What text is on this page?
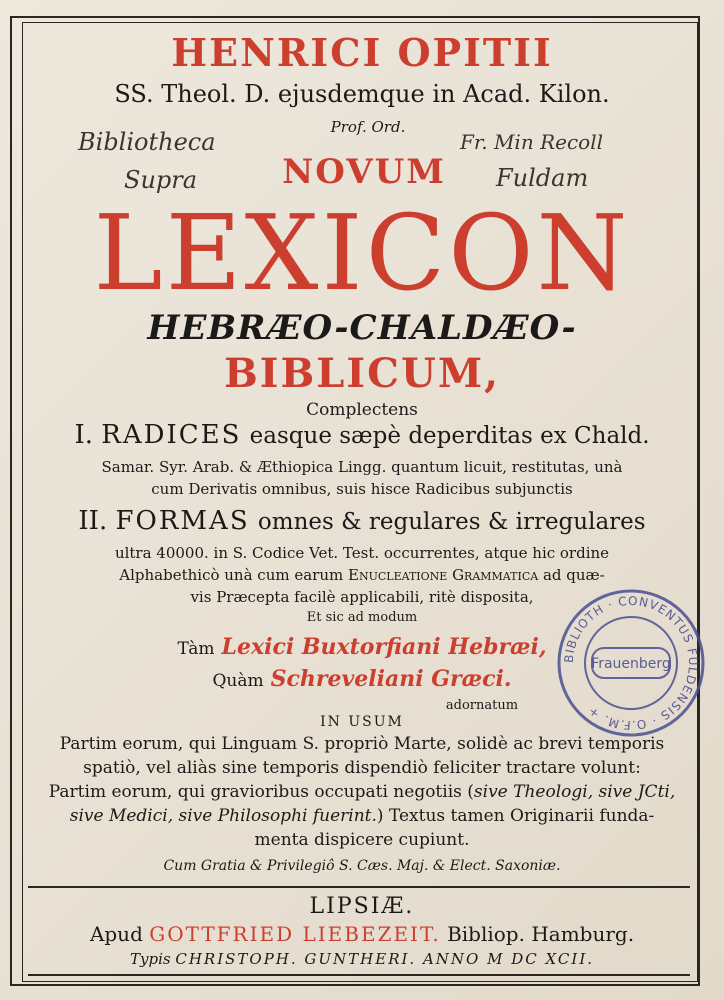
HENRICI OPITII
SS. Theol. D. ejusdemque in Acad. Kilon.
Prof. Ord.
Bibliotheca
Supra
Fr. Min Recoll
Fuldam
NOVUM
LEXICON
HEBRÆO-CHALDÆO-
BIBLICUM,
Complectens
I. RADICES easque sæpè deperditas ex Chald.
Samar. Syr. Arab. & Æthiopica Lingg. quantum licuit, restitutas, unà
cum Derivatis omnibus, suis hisce Radicibus subjunctis
II. FORMAS omnes & regulares & irregulares
ultra 40000. in S. Codice Vet. Test. occurrentes, atque hic ordine
Alphabethicò unà cum earum Enucleatione Grammatica ad quæ-
vis Præcepta facilè applicabili, ritè disposita,
Et sic ad modum
Tàm Lexici Buxtorfiani Hebræi,
Quàm Schreveliani Græci.
adornatum
IN USUM
Partim eorum, qui Linguam S. propriò Marte, solidè ac brevi temporis
spatiò, vel aliàs sine temporis dispendiò feliciter tractare volunt:
Partim eorum, qui gravioribus occupati negotiis (sive Theologi, sive JCti,
sive Medici, sive Philosophi fuerint.) Textus tamen Originarii funda-
menta dispicere cupiunt.
Cum Gratia & Privilegiô S. Cæs. Maj. & Elect. Saxoniæ.
LIPSIÆ.
Apud GOTTFRIED LIEBEZEIT. Bibliop. Hamburg.
Typis CHRISTOPH. GUNTHERI. ANNO M DC XCII.
BIBLIOTH · CONVENTUS FULDENSIS · O.F.M. +
Frauenberg
